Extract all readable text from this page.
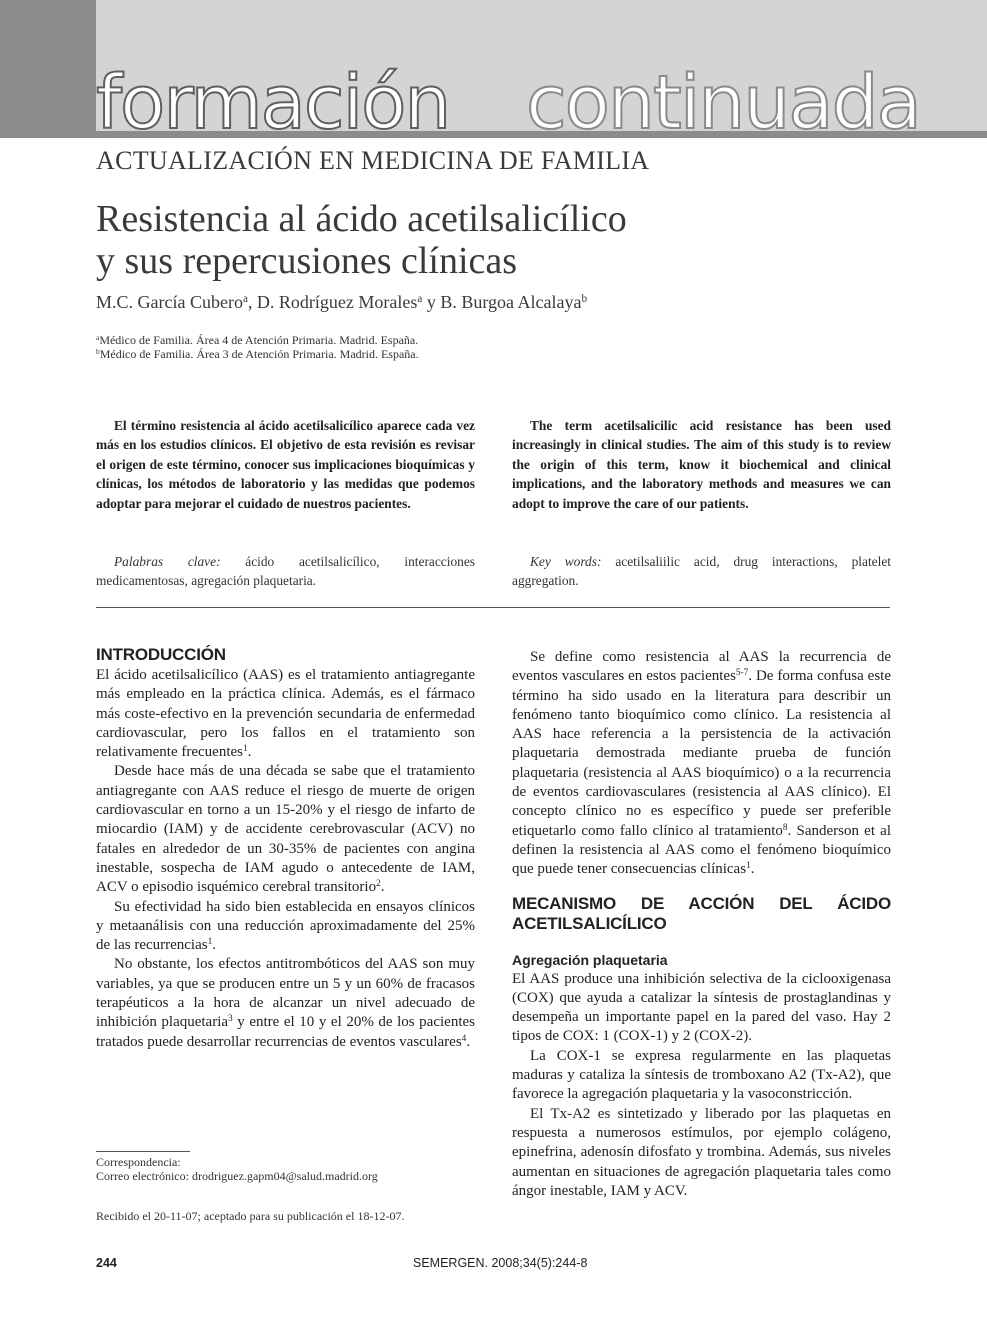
formación continuada
ACTUALIZACIÓN EN MEDICINA DE FAMILIA
Resistencia al ácido acetilsalicílico
y sus repercusiones clínicas
M.C. García Cubero$^a$, D. Rodríguez Morales$^a$ y B. Burgoa Alcalaya$^b$
$^a$Médico de Familia. Área 4 de Atención Primaria. Madrid. España.
$^b$Médico de Familia. Área 3 de Atención Primaria. Madrid. España.
El término resistencia al ácido acetilsalicílico aparece cada vez más en los estudios clínicos. El objetivo de esta revisión es revisar el origen de este término, conocer sus implicaciones bioquímicas y clínicas, los métodos de laboratorio y las medidas que podemos adoptar para mejorar el cuidado de nuestros pacientes.
The term acetilsalicilic acid resistance has been used increasingly in clinical studies. The aim of this study is to review the origin of this term, know it biochemical and clinical implications, and the laboratory methods and measures we can adopt to improve the care of our patients.
Palabras clave: ácido acetilsalicílico, interacciones medicamentosas, agregación plaquetaria.
Key words: acetilsaliilic acid, drug interactions, platelet aggregation.
INTRODUCCIÓN

El ácido acetilsalicílico (AAS) es el tratamiento antiagregante más empleado en la práctica clínica. Además, es el fármaco más coste-efectivo en la prevención secundaria de enfermedad cardiovascular, pero los fallos en el tratamiento son relativamente frecuentes$^1$.

Desde hace más de una década se sabe que el tratamiento antiagregante con AAS reduce el riesgo de muerte de origen cardiovascular en torno a un 15-20% y el riesgo de infarto de miocardio (IAM) y de accidente cerebrovascular (ACV) no fatales en alrededor de un 30-35% de pacientes con angina inestable, sospecha de IAM agudo o antecedente de IAM, ACV o episodio isquémico cerebral transitorio$^2$.

Su efectividad ha sido bien establecida en ensayos clínicos y metaanálisis con una reducción aproximadamente del 25% de las recurrencias$^1$.

No obstante, los efectos antitrombóticos del AAS son muy variables, ya que se producen entre un 5 y un 60% de fracasos terapéuticos a la hora de alcanzar un nivel adecuado de inhibición plaquetaria$^3$ y entre el 10 y el 20% de los pacientes tratados puede desarrollar recurrencias de eventos vasculares$^4$.

Se define como resistencia al AAS la recurrencia de eventos vasculares en estos pacientes$^{5-7}$. De forma confusa este término ha sido usado en la literatura para describir un fenómeno tanto bioquímico como clínico. La resistencia al AAS hace referencia a la persistencia de la activación plaquetaria demostrada mediante prueba de función plaquetaria (resistencia al AAS bioquímico) o a la recurrencia de eventos cardiovasculares (resistencia al AAS clínico). El concepto clínico no es específico y puede ser preferible etiquetarlo como fallo clínico al tratamiento$^8$. Sanderson et al definen la resistencia al AAS como el fenómeno bioquímico que puede tener consecuencias clínicas$^1$.

MECANISMO DE ACCIÓN DEL ÁCIDO ACETILSALICÍLICO
Agregación plaquetaria

El AAS produce una inhibición selectiva de la ciclooxigenasa (COX) que ayuda a catalizar la síntesis de prostaglandinas y desempeña un importante papel en la pared del vaso. Hay 2 tipos de COX: 1 (COX-1) y 2 (COX-2).

La COX-1 se expresa regularmente en las plaquetas maduras y cataliza la síntesis de tromboxano A2 (Tx-A2), que favorece la agregación plaquetaria y la vasoconstricción.

El Tx-A2 es sintetizado y liberado por las plaquetas en respuesta a numerosos estímulos, por ejemplo colágeno, epinefrina, adenosín difosfato y trombina. Además, sus niveles aumentan en situaciones de agregación plaquetaria tales como ángor inestable, IAM y ACV.

Correspondencia:
Correo electrónico: drodriguez.gapm04@salud.madrid.org
Recibido el 20-11-07; aceptado para su publicación el 18-12-07.
244	SEMERGEN. 2008;34(5):244-8
